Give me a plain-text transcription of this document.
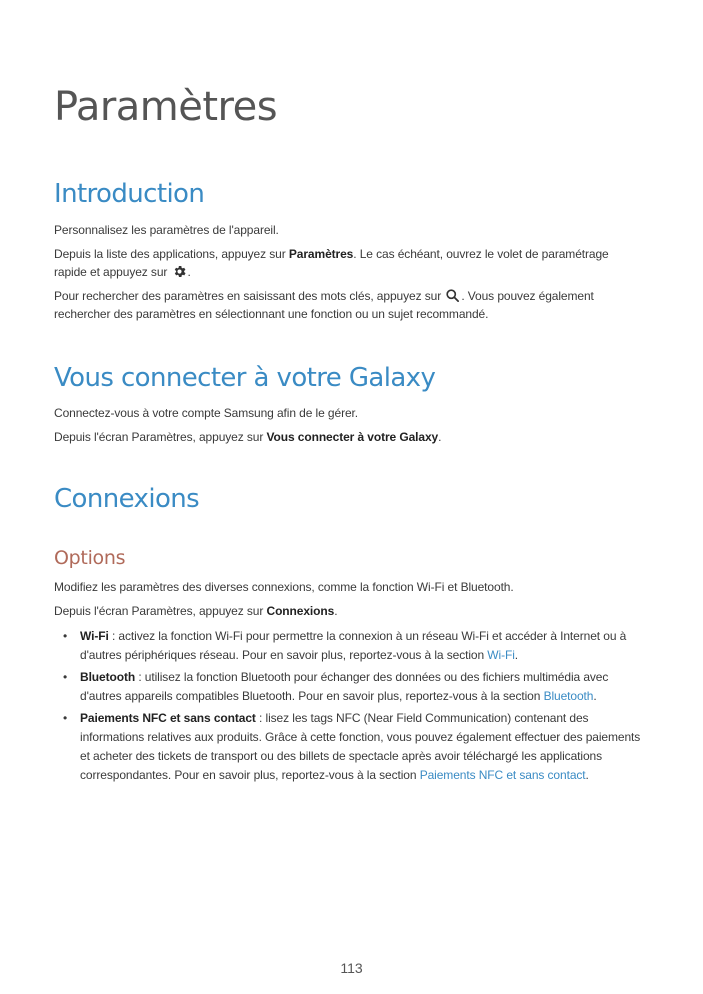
Paramètres
Introduction

Personnalisez les paramètres de l'appareil.

Depuis la liste des applications, appuyez sur Paramètres. Le cas échéant, ouvrez le volet de paramétrage rapide et appuyez sur .

Pour rechercher des paramètres en saisissant des mots clés, appuyez sur . Vous pouvez également rechercher des paramètres en sélectionnant une fonction ou un sujet recommandé.

Vous connecter à votre Galaxy

Connectez-vous à votre compte Samsung afin de le gérer.

Depuis l'écran Paramètres, appuyez sur Vous connecter à votre Galaxy.

Connexions
Options

Modifiez les paramètres des diverses connexions, comme la fonction Wi-Fi et Bluetooth.

Depuis l'écran Paramètres, appuyez sur Connexions.

• Wi-Fi : activez la fonction Wi-Fi pour permettre la connexion à un réseau Wi-Fi et accéder à Internet ou à d'autres périphériques réseau. Pour en savoir plus, reportez-vous à la section Wi-Fi.
• Bluetooth : utilisez la fonction Bluetooth pour échanger des données ou des fichiers multimédia avec d'autres appareils compatibles Bluetooth. Pour en savoir plus, reportez-vous à la section Bluetooth.
• Paiements NFC et sans contact : lisez les tags NFC (Near Field Communication) contenant des informations relatives aux produits. Grâce à cette fonction, vous pouvez également effectuer des paiements et acheter des tickets de transport ou des billets de spectacle après avoir téléchargé les applications correspondantes. Pour en savoir plus, reportez-vous à la section Paiements NFC et sans contact.
113
